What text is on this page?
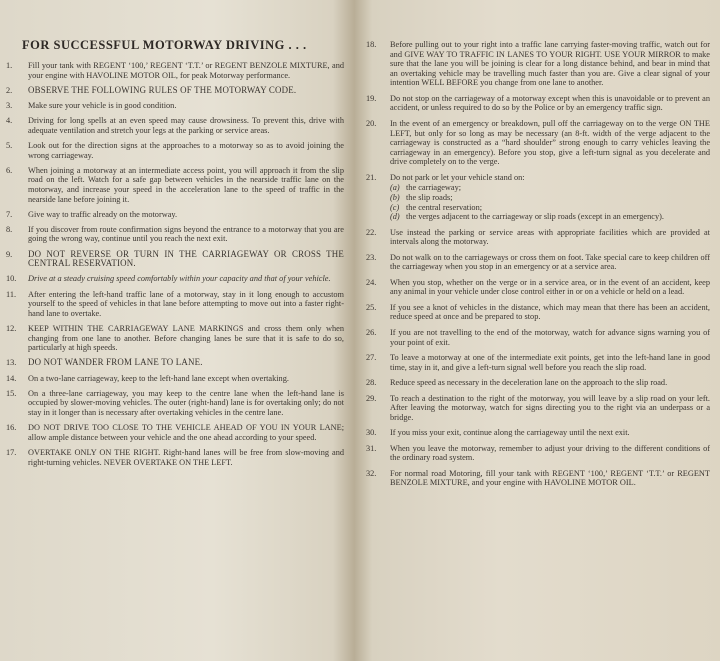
FOR SUCCESSFUL MOTORWAY DRIVING . . .
1.	Fill your tank with REGENT ‘100,’ REGENT ‘T.T.’ or REGENT BENZOLE MIXTURE, and your engine with HAVOLINE MOTOR OIL, for peak Motorway performance.
2.	OBSERVE THE FOLLOWING RULES OF THE MOTORWAY CODE.
3.	Make sure your vehicle is in good condition.
4.	Driving for long spells at an even speed may cause drowsiness. To prevent this, drive with adequate ventilation and stretch your legs at the parking or service areas.
5.	Look out for the direction signs at the approaches to a motorway so as to avoid joining the wrong carriageway.
6.	When joining a motorway at an intermediate access point, you will approach it from the slip road on the left. Watch for a safe gap between vehicles in the nearside traffic lane on the motorway, and increase your speed in the acceleration lane to the speed of traffic in the nearside lane before joining it.
7.	Give way to traffic already on the motorway.
8.	If you discover from route confirmation signs beyond the entrance to a motorway that you are going the wrong way, continue until you reach the next exit.
9.	DO NOT REVERSE OR TURN IN THE CARRIAGEWAY OR CROSS THE CENTRAL RESERVATION.
10.	Drive at a steady cruising speed comfortably within your capacity and that of your vehicle.
11.	After entering the left-hand traffic lane of a motorway, stay in it long enough to accustom yourself to the speed of vehicles in that lane before attempting to move out into a faster right-hand lane to overtake.
12.	KEEP WITHIN THE CARRIAGEWAY LANE MARKINGS and cross them only when changing from one lane to another. Before changing lanes be sure that it is safe to do so, particularly at high speeds.
13.	DO NOT WANDER FROM LANE TO LANE.
14.	On a two-lane carriageway, keep to the left-hand lane except when overtaking.
15.	On a three-lane carriageway, you may keep to the centre lane when the left-hand lane is occupied by slower-moving vehicles. The outer (right-hand) lane is for overtaking only; do not stay in it longer than is necessary after overtaking vehicles in the centre lane.
16.	DO NOT DRIVE TOO CLOSE TO THE VEHICLE AHEAD OF YOU IN YOUR LANE; allow ample distance between your vehicle and the one ahead according to your speed.
17.	OVERTAKE ONLY ON THE RIGHT. Right-hand lanes will be free from slow-moving and right-turning vehicles. NEVER OVERTAKE ON THE LEFT.
18.	Before pulling out to your right into a traffic lane carrying faster-moving traffic, watch out for and GIVE WAY TO TRAFFIC IN LANES TO YOUR RIGHT. USE YOUR MIRROR to make sure that the lane you will be joining is clear for a long distance behind, and bear in mind that an overtaking vehicle may be travelling much faster than you are. Give a clear signal of your intention WELL BEFORE you change from one lane to another.
19.	Do not stop on the carriageway of a motorway except when this is unavoidable or to prevent an accident, or unless required to do so by the Police or by an emergency traffic sign.
20.	In the event of an emergency or breakdown, pull off the carriageway on to the verge ON THE LEFT, but only for so long as may be necessary (an 8-ft. width of the verge adjacent to the carriageway is constructed as a “hard shoulder” strong enough to carry vehicles leaving the carriageway in an emergency). Before you stop, give a left-turn signal as you decelerate and drive completely on to the verge.
21.	Do not park or let your vehicle stand on:
(a) the carriageway;
(b) the slip roads;
(c) the central reservation;
(d) the verges adjacent to the carriageway or slip roads (except in an emergency).
22.	Use instead the parking or service areas with appropriate facilities which are provided at intervals along the motorway.
23.	Do not walk on to the carriageways or cross them on foot. Take special care to keep children off the carriageway when you stop in an emergency or at a service area.
24.	When you stop, whether on the verge or in a service area, or in the event of an accident, keep any animal in your vehicle under close control either in or on a vehicle or held on a lead.
25.	If you see a knot of vehicles in the distance, which may mean that there has been an accident, reduce speed at once and be prepared to stop.
26.	If you are not travelling to the end of the motorway, watch for advance signs warning you of your point of exit.
27.	To leave a motorway at one of the intermediate exit points, get into the left-hand lane in good time, stay in it, and give a left-turn signal well before you reach the slip road.
28.	Reduce speed as necessary in the deceleration lane on the approach to the slip road.
29.	To reach a destination to the right of the motorway, you will leave by a slip road on your left. After leaving the motorway, watch for signs directing you to the right via an underpass or a bridge.
30.	If you miss your exit, continue along the carriageway until the next exit.
31.	When you leave the motorway, remember to adjust your driving to the different conditions of the ordinary road system.
32.	For normal road Motoring, fill your tank with REGENT ‘100,’ REGENT ‘T.T.’ or REGENT BENZOLE MIXTURE, and your engine with HAVOLINE MOTOR OIL.
